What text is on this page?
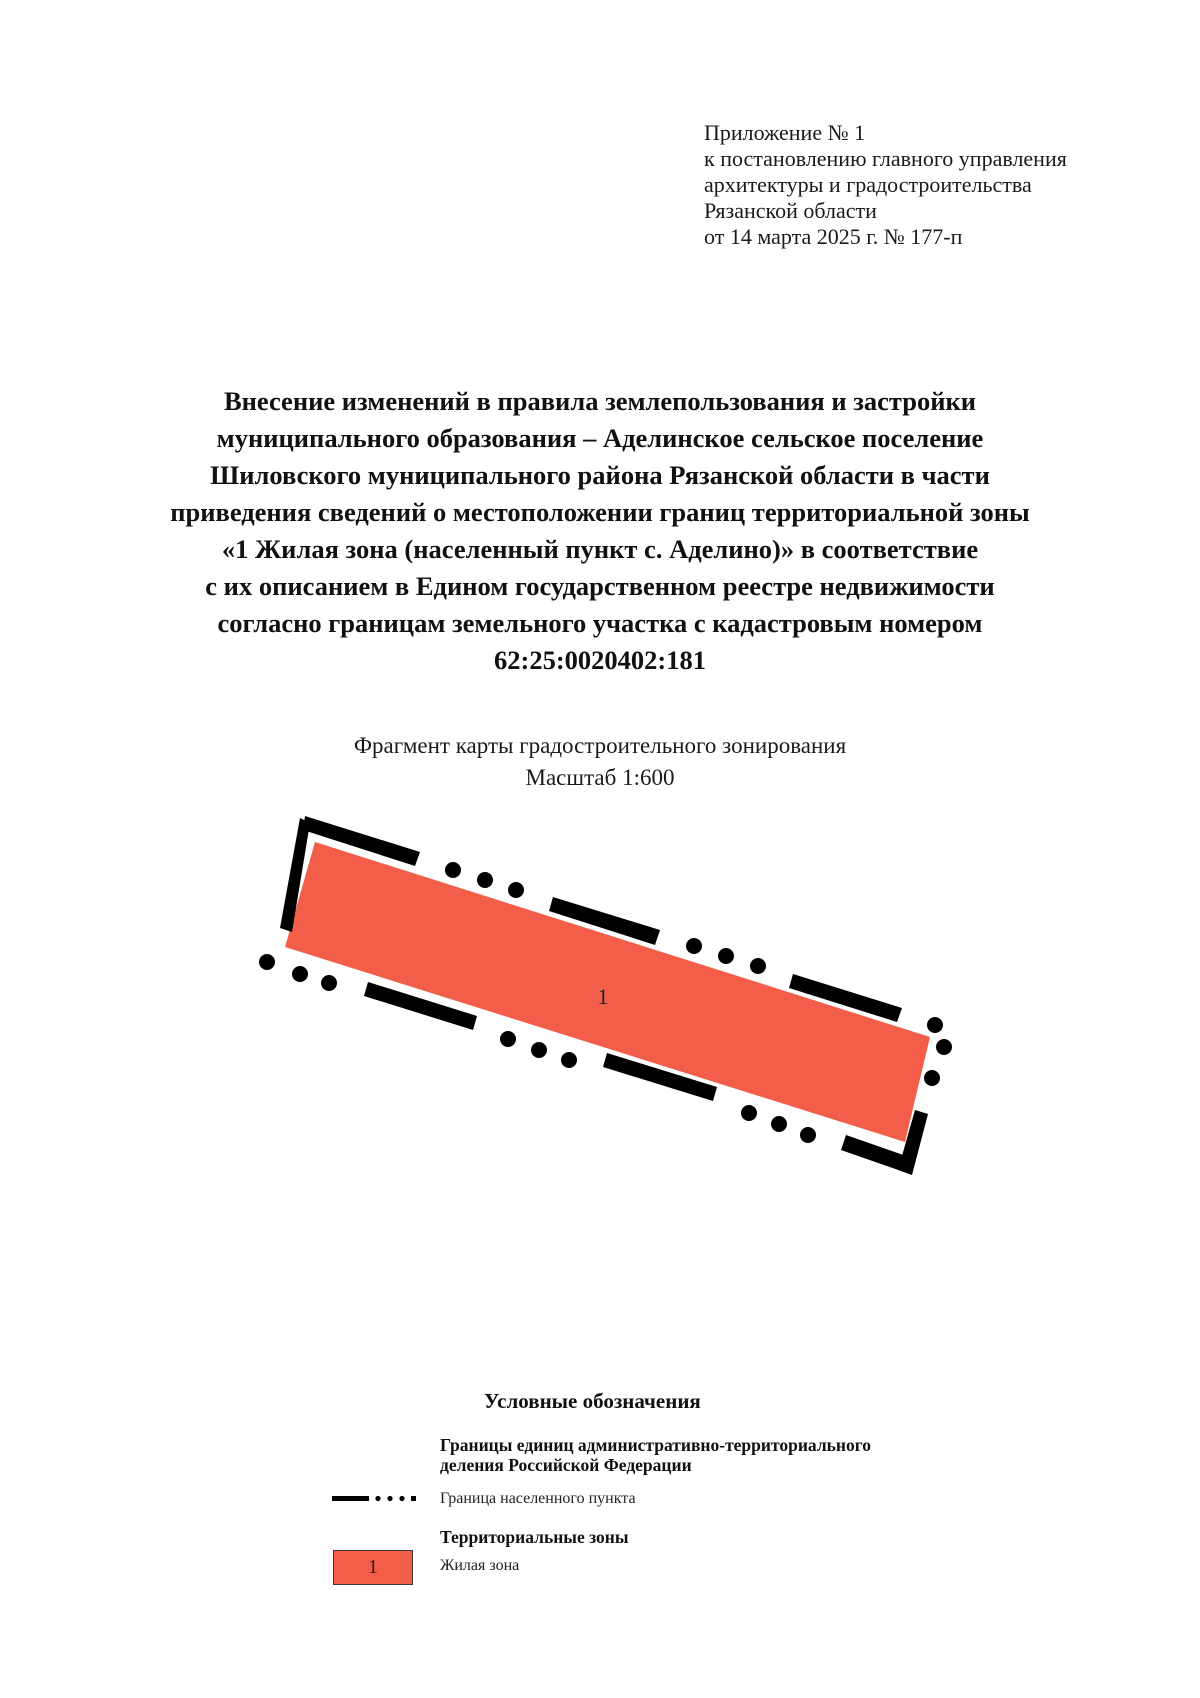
Приложение № 1
к постановлению главного управления
архитектуры и градостроительства
Рязанской области
от 14 марта 2025 г. № 177-п
Внесение изменений в правила землепользования и застройки
муниципального образования – Аделинское сельское поселение
Шиловского муниципального района Рязанской области в части
приведения сведений о местоположении границ территориальной зоны
«1 Жилая зона (населенный пункт с. Аделино)» в соответствие
с их описанием в Едином государственном реестре недвижимости
согласно границам земельного участка с кадастровым номером
62:25:0020402:181
Фрагмент карты градостроительного зонирования
Масштаб 1:600
1
Условные обозначения
Границы единиц административно-территориального
деления Российской Федерации
Граница населенного пункта
Территориальные зоны
Жилая зона
1
